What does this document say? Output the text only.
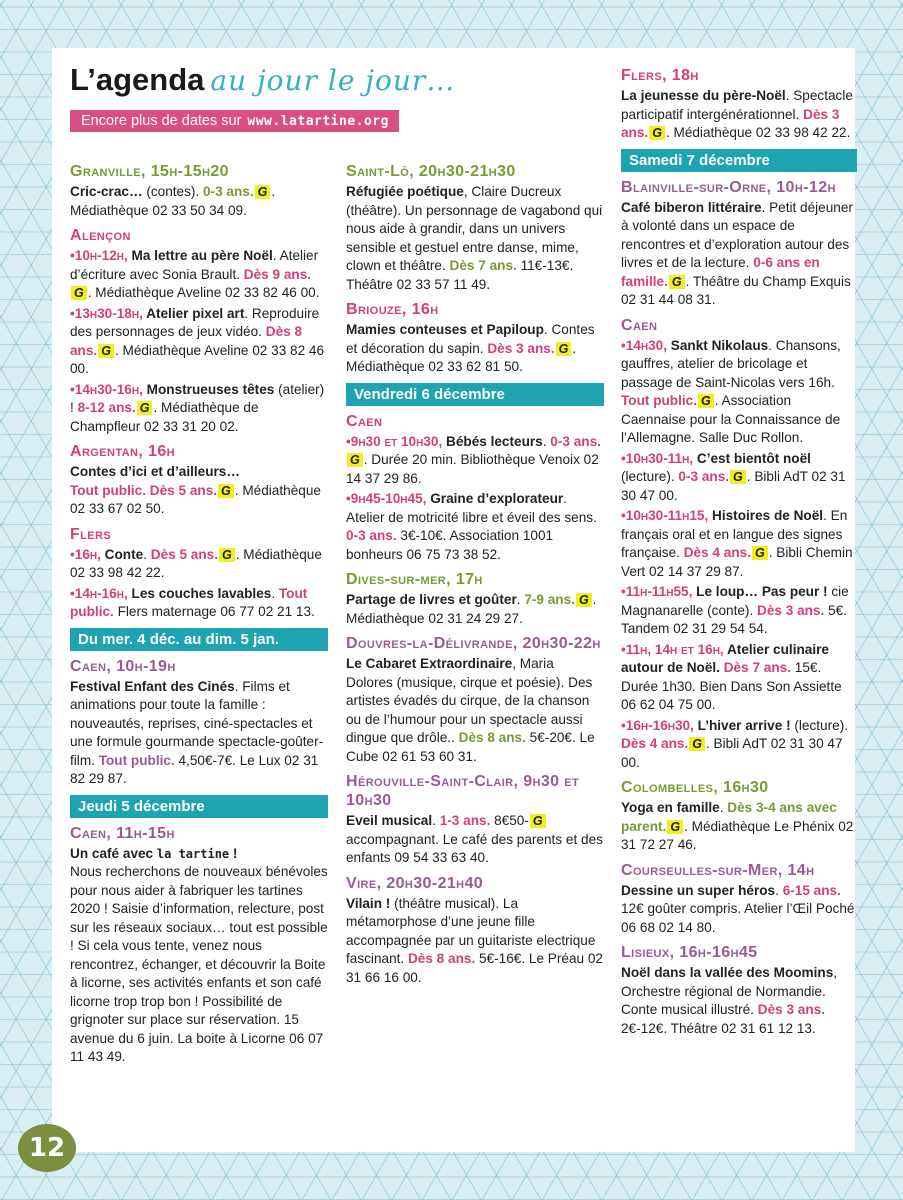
L’agenda au jour le jour…
Encore plus de dates sur www.latartine.org
Granville, 15h-15h20

Cric-crac… (contes). 0-3 ans. G . Médiathèque 02 33 50 34 09.

Alençon

•10h-12h, Ma lettre au père Noël. Atelier d’écriture avec Sonia Brault. Dès 9 ans.G . Médiathèque Aveline 02 33 82 46 00.

•13h30-18h, Atelier pixel art. Reproduire des personnages de jeux vidéo. Dès 8 ans. G . Médiathèque Aveline 02 33 82 46 00.

•14h30-16h, Monstrueuses têtes (atelier) ! 8-12 ans. G . Médiathèque de Champfleur 02 33 31 20 02.

Argentan, 16h

Contes d’ici et d’ailleurs…
Tout public. Dès 5 ans. G . Médiathèque 02 33 67 02 50.

Flers

•16h, Conte. Dès 5 ans. G . Médiathèque 02 33 98 42 22.

•14h-16h, Les couches lavables. Tout public. Flers maternage 06 77 02 21 13.

Du mer. 4 déc. au dim. 5 jan.
Caen, 10h-19h

Festival Enfant des Cinés. Films et animations pour toute la famille : nouveautés, reprises, ciné-spectacles et une formule gourmande spectacle-goûter-film. Tout public. 4,50€-7€. Le Lux 02 31 82 29 87.

Jeudi 5 décembre
Caen, 11h-15h

Un café avec la tartine !
Nous recherchons de nouveaux bénévoles pour nous aider à fabriquer les tartines 2020 ! Saisie d’information, relecture, post sur les réseaux sociaux… tout est possible ! Si cela vous tente, venez nous rencontrez, échanger, et découvrir la Boite à licorne, ses activités enfants et son café licorne trop trop bon ! Possibilité de grignoter sur place sur réservation. 15 avenue du 6 juin. La boite à Licorne 06 07 11 43 49.

Saint-Lô, 20h30-21h30

Réfugiée poétique, Claire Ducreux (théâtre). Un personnage de vagabond qui nous aide à grandir, dans un univers sensible et gestuel entre danse, mime, clown et théâtre. Dès 7 ans. 11€-13€. Théâtre 02 33 57 11 49.

Briouze, 16h

Mamies conteuses et Papiloup. Contes et décoration du sapin. Dès 3 ans. G . Médiathèque 02 33 62 81 50.

Vendredi 6 décembre
Caen

•9h30 et 10h30, Bébés lecteurs. 0-3 ans.G . Durée 20 min. Bibliothèque Venoix 02 14 37 29 86.

•9h45-10h45, Graine d’explorateur. Atelier de motricité libre et éveil des sens. 0-3 ans. 3€-10€. Association 1001 bonheurs 06 75 73 38 52.

Dives-sur-mer, 17h

Partage de livres et goûter. 7-9 ans. G . Médiathèque 02 31 24 29 27.

Douvres-la-Délivrande, 20h30-22h

Le Cabaret Extraordinaire, Maria Dolores (musique, cirque et poésie). Des artistes évadés du cirque, de la chanson ou de l’humour pour un spectacle aussi dingue que drôle.. Dès 8 ans. 5€-20€. Le Cube 02 61 53 60 31.

Hérouville-Saint-Clair, 9h30 et 10h30

Eveil musical. 1-3 ans. 8€50- G accompagnant. Le café des parents et des enfants 09 54 33 63 40.

Vire, 20h30-21h40

Vilain ! (théâtre musical). La métamorphose d’une jeune fille accompagnée par un guitariste electrique fascinant. Dès 8 ans. 5€-16€. Le Préau 02 31 66 16 00.

Flers, 18h

La jeunesse du père-Noël. Spectacle participatif intergénérationnel. Dès 3 ans. G . Médiathèque 02 33 98 42 22.

Samedi 7 décembre
Blainville-sur-Orne, 10h-12h

Café biberon littéraire. Petit déjeuner à volonté dans un espace de rencontres et d’exploration autour des livres et de la lecture. 0-6 ans en famille. G . Théâtre du Champ Exquis 02 31 44 08 31.

Caen

•14h30, Sankt Nikolaus. Chansons, gauffres, atelier de bricolage et passage de Saint-Nicolas vers 16h. Tout public. G . Association Caennaise pour la Connaissance de l’Allemagne. Salle Duc Rollon.

•10h30-11h, C’est bientôt noël (lecture). 0-3 ans. G . Bibli AdT 02 31 30 47 00.

•10h30-11h15, Histoires de Noël. En français oral et en langue des signes française. Dès 4 ans. G . Bibli Chemin Vert 02 14 37 29 87.

•11h-11h55, Le loup… Pas peur ! cie Magnanarelle (conte). Dès 3 ans. 5€. Tandem 02 31 29 54 54.

•11h, 14h et 16h, Atelier culinaire autour de Noël. Dès 7 ans. 15€. Durée 1h30. Bien Dans Son Assiette 06 62 04 75 00.

•16h-16h30, L’hiver arrive ! (lecture). Dès 4 ans. G . Bibli AdT 02 31 30 47 00.

Colombelles, 16h30

Yoga en famille. Dès 3-4 ans avec parent. G . Médiathèque Le Phénix 02 31 72 27 46.

Courseulles-sur-Mer, 14h

Dessine un super héros. 6-15 ans. 12€ goûter compris. Atelier l’Œil Poché 06 68 02 14 80.

Lisieux, 16h-16h45

Noël dans la vallée des Moomins, Orchestre régional de Normandie. Conte musical illustré. Dès 3 ans. 2€-12€. Théâtre 02 31 61 12 13.

12
